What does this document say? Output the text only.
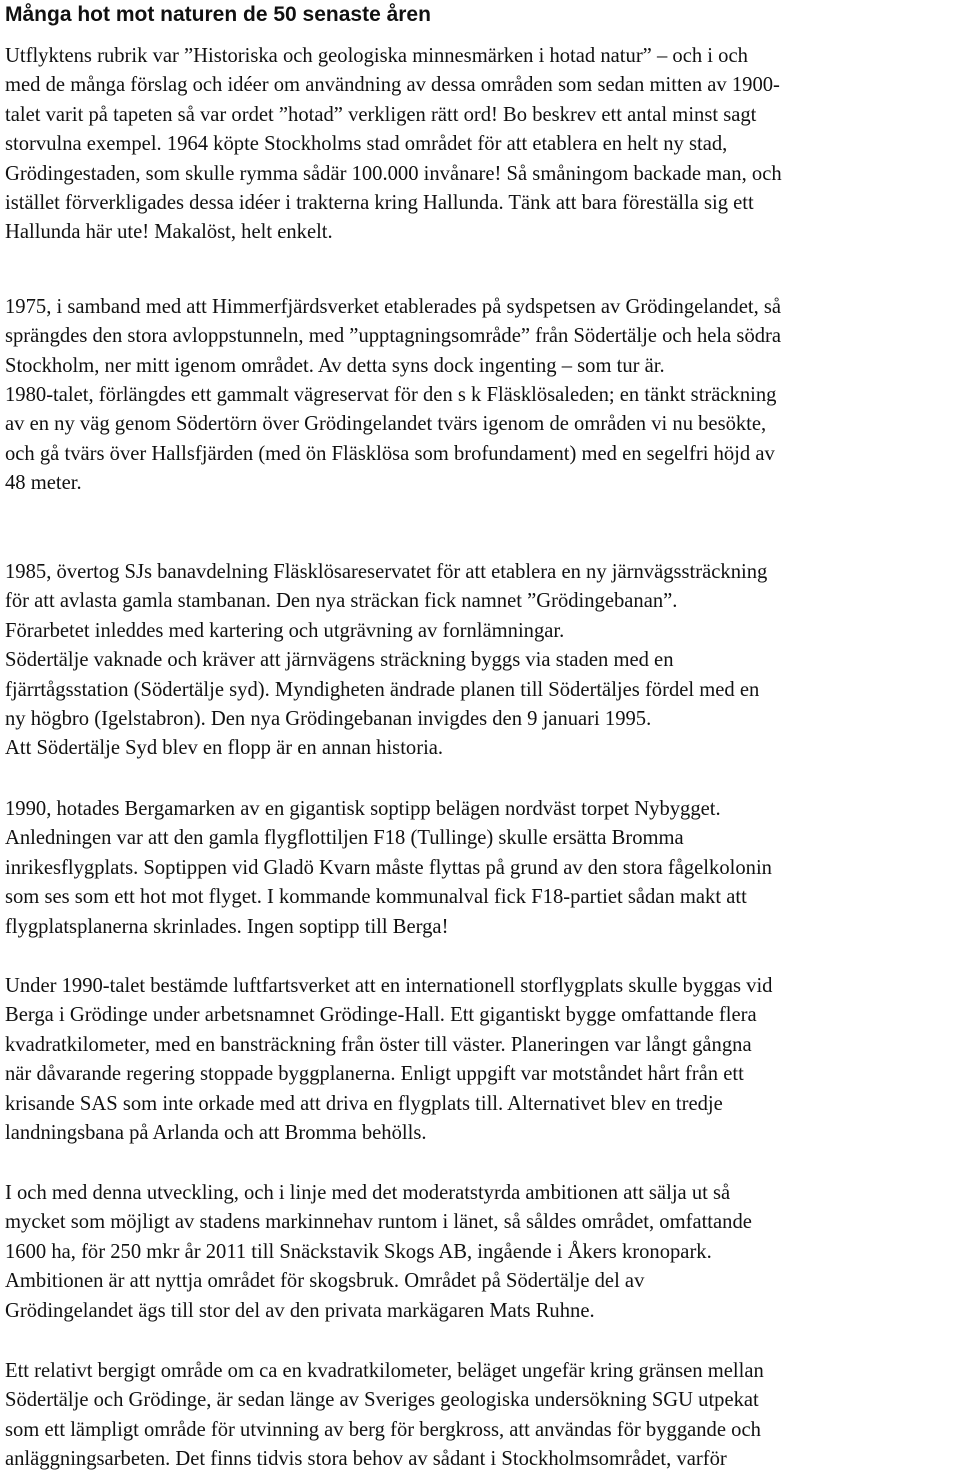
Många hot mot naturen de 50 senaste åren

Utflyktens rubrik var ”Historiska och geologiska minnesmärken i hotad natur” – och i och
med de många förslag och idéer om användning av dessa områden som sedan mitten av 1900-
talet varit på tapeten så var ordet ”hotad” verkligen rätt ord! Bo beskrev ett antal minst sagt
storvulna exempel. 1964 köpte Stockholms stad området för att etablera en helt ny stad,
Grödingestaden, som skulle rymma sådär 100.000 invånare! Så småningom backade man, och
istället förverkligades dessa idéer i trakterna kring Hallunda. Tänk att bara föreställa sig ett
Hallunda här ute! Makalöst, helt enkelt.

1975, i samband med att Himmerfjärdsverket etablerades på sydspetsen av Grödingelandet, så
sprängdes den stora avloppstunneln, med ”upptagningsområde” från Södertälje och hela södra
Stockholm, ner mitt igenom området. Av detta syns dock ingenting – som tur är.

1980-talet, förlängdes ett gammalt vägreservat för den s k Fläsklösaleden; en tänkt sträckning
av en ny väg genom Södertörn över Grödingelandet tvärs igenom de områden vi nu besökte,
och gå tvärs över Hallsfjärden (med ön Fläsklösa som brofundament) med en segelfri höjd av
48 meter.

1985, övertog SJs banavdelning Fläsklösareservatet för att etablera en ny järnvägssträckning
för att avlasta gamla stambanan. Den nya sträckan fick namnet ”Grödingebanan”.
Förarbetet inleddes med kartering och utgrävning av fornlämningar.
Södertälje vaknade och kräver att järnvägens sträckning byggs via staden med en
fjärrtågsstation (Södertälje syd). Myndigheten ändrade planen till Södertäljes fördel med en
ny högbro (Igelstabron). Den nya Grödingebanan invigdes den 9 januari 1995.
Att Södertälje Syd blev en flopp är en annan historia.

1990, hotades Bergamarken av en gigantisk soptipp belägen nordväst torpet Nybygget.
Anledningen var att den gamla flygflottiljen F18 (Tullinge) skulle ersätta Bromma
inrikesflygplats. Soptippen vid Gladö Kvarn måste flyttas på grund av den stora fågelkolonin
som ses som ett hot mot flyget. I kommande kommunalval fick F18-partiet sådan makt att
flygplatsplanerna skrinlades. Ingen soptipp till Berga!

Under 1990-talet bestämde luftfartsverket att en internationell storflygplats skulle byggas vid
Berga i Grödinge under arbetsnamnet Grödinge-Hall. Ett gigantiskt bygge omfattande flera
kvadratkilometer, med en bansträckning från öster till väster. Planeringen var långt gångna
när dåvarande regering stoppade byggplanerna. Enligt uppgift var motståndet hårt från ett
krisande SAS som inte orkade med att driva en flygplats till. Alternativet blev en tredje
landningsbana på Arlanda och att Bromma behölls.

I och med denna utveckling, och i linje med det moderatstyrda ambitionen att sälja ut så
mycket som möjligt av stadens markinnehav runtom i länet, så såldes området, omfattande
1600 ha, för 250 mkr år 2011 till Snäckstavik Skogs AB, ingående i Åkers kronopark.
Ambitionen är att nyttja området för skogsbruk. Området på Södertälje del av
Grödingelandet ägs till stor del av den privata markägaren Mats Ruhne.

Ett relativt bergigt område om ca en kvadratkilometer, beläget ungefär kring gränsen mellan
Södertälje och Grödinge, är sedan länge av Sveriges geologiska undersökning SGU utpekat
som ett lämpligt område för utvinning av berg för bergkross, att användas för byggande och
anläggningsarbeten. Det finns tidvis stora behov av sådant i Stockholmsområdet, varför
